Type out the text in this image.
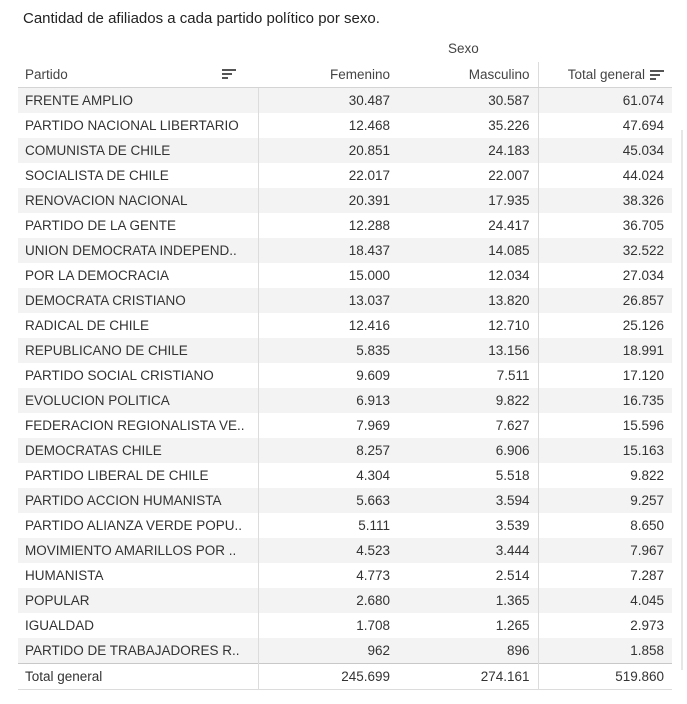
Cantidad de afiliados a cada partido político por sexo.
Sexo
Partido	Femenino	Masculino	Total general
FRENTE AMPLIO	30.487	30.587	61.074
PARTIDO NACIONAL LIBERTARIO	12.468	35.226	47.694
COMUNISTA DE CHILE	20.851	24.183	45.034
SOCIALISTA DE CHILE	22.017	22.007	44.024
RENOVACION NACIONAL	20.391	17.935	38.326
PARTIDO DE LA GENTE	12.288	24.417	36.705
UNION DEMOCRATA INDEPEND..	18.437	14.085	32.522
POR LA DEMOCRACIA	15.000	12.034	27.034
DEMOCRATA CRISTIANO	13.037	13.820	26.857
RADICAL DE CHILE	12.416	12.710	25.126
REPUBLICANO DE CHILE	5.835	13.156	18.991
PARTIDO SOCIAL CRISTIANO	9.609	7.511	17.120
EVOLUCION POLITICA	6.913	9.822	16.735
FEDERACION REGIONALISTA VE..	7.969	7.627	15.596
DEMOCRATAS CHILE	8.257	6.906	15.163
PARTIDO LIBERAL DE CHILE	4.304	5.518	9.822
PARTIDO ACCION HUMANISTA	5.663	3.594	9.257
PARTIDO ALIANZA VERDE POPU..	5.111	3.539	8.650
MOVIMIENTO AMARILLOS POR ..	4.523	3.444	7.967
HUMANISTA	4.773	2.514	7.287
POPULAR	2.680	1.365	4.045
IGUALDAD	1.708	1.265	2.973
PARTIDO DE TRABAJADORES R..	962	896	1.858
Total general	245.699	274.161	519.860
